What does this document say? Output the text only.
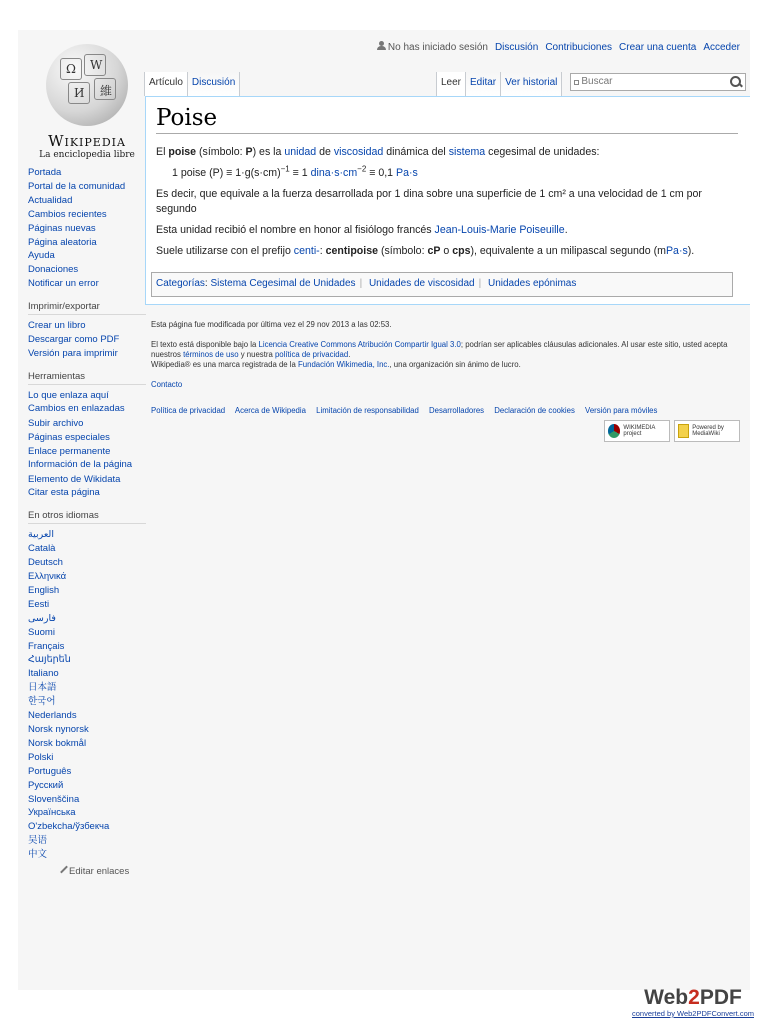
No has iniciado sesión Discusión Contribuciones Crear una cuenta Acceder
Ω W
И 維
Wikipedia
La enciclopedia libre
Artículo Discusión	Leer Editar Ver historial	Buscar
Portada
Portal de la comunidad
Actualidad
Cambios recientes
Páginas nuevas
Página aleatoria
Ayuda
Donaciones
Notificar un error
Imprimir/exportar
Crear un libro
Descargar como PDF
Versión para imprimir
Herramientas
Lo que enlaza aquí
Cambios en enlazadas
Subir archivo
Páginas especiales
Enlace permanente
Información de la página
Elemento de Wikidata
Citar esta página
En otros idiomas
العربية
Català
Deutsch
Ελληνικά
English
Eesti
فارسی
Suomi
Français
Հայերեն
Italiano
日本語
한국어
Nederlands
Norsk nynorsk
Norsk bokmål
Polski
Português
Русский
Slovenščina
Українська
O'zbekcha/ўзбекча
吴语
中文
Editar enlaces
Poise

El poise (símbolo: P) es la unidad de viscosidad dinámica del sistema cegesimal de unidades:

1 poise $(P) \equiv 1\cdot g(s\cdot cm)^{-1} \equiv 1$ $dina\cdot s\cdot cm^{-2} \equiv 0,1$ Pa·s

Es decir, que equivale a la fuerza desarrollada por 1 dina sobre una superficie de 1 cm² a una velocidad de 1 cm por segundo

Esta unidad recibió el nombre en honor al fisiólogo francés Jean-Louis-Marie Poiseuille.

Suele utilizarse con el prefijo centi-: centipoise (símbolo: cP o cps), equivalente a un milipascal segundo (mPa·s).

Categorías: Sistema Cegesimal de Unidades | Unidades de viscosidad | Unidades epónimas

Esta página fue modificada por última vez el 29 nov 2013 a las 02:53.

El texto está disponible bajo la Licencia Creative Commons Atribución Compartir Igual 3.0; podrían ser aplicables cláusulas adicionales. Al usar este sitio, usted acepta nuestros términos de uso y nuestra política de privacidad.

Wikipedia® es una marca registrada de la Fundación Wikimedia, Inc., una organización sin ánimo de lucro.

Contacto

Política de privacidad Acerca de Wikipedia Limitación de responsabilidad Desarrolladores Declaración de cookies Versión para móviles

WIKIMEDIA project
Powered by MediaWiki
Web2PDF
converted by Web2PDFConvert.com
